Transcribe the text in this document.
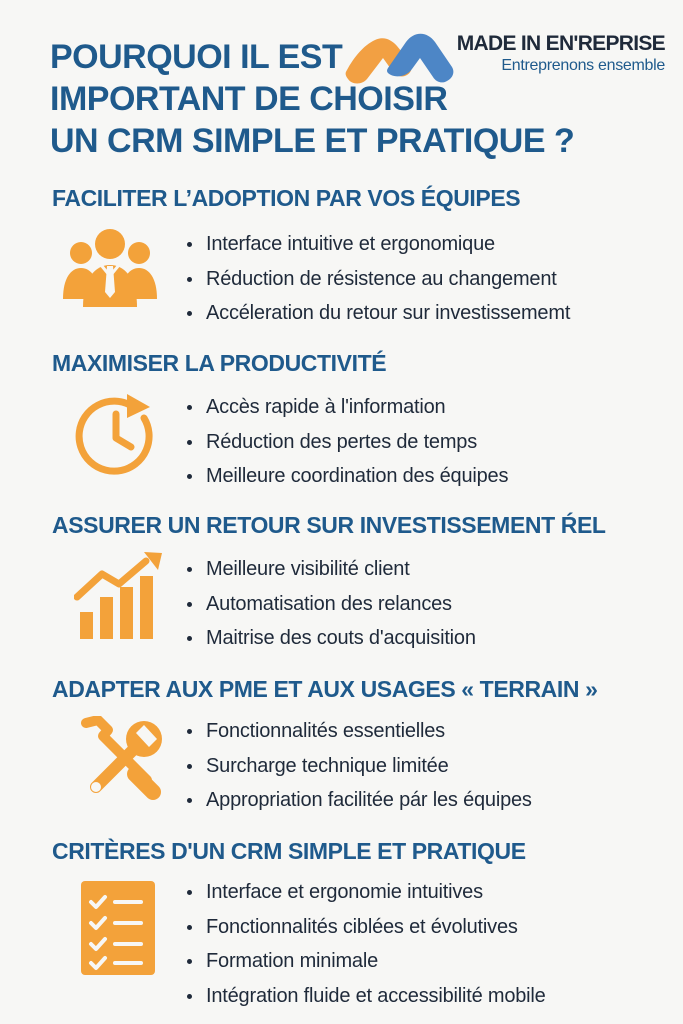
POURQUOI IL EST
IMPORTANT DE CHOISIR
UN CRM SIMPLE ET PRATIQUE ?
MADE IN EN'REPRISE
Entreprenons ensemble
FACILITER L’ADOPTION PAR VOS ÉQUIPES
Interface intuitive et ergonomique
Réduction de résistence au changement
Accéleration du retour sur investissememt
MAXIMISER LA PRODUCTIVITÉ
Accès rapide à l'information
Réduction des pertes de temps
Meilleure coordination des équipes
ASSURER UN RETOUR SUR INVESTISSEMENT ŔEL
Meilleure visibilité client
Automatisation des relances
Maitrise des couts d'acquisition
ADAPTER AUX PME ET AUX USAGES « TERRAIN »
Fonctionnalités essentielles
Surcharge technique limitée
Appropriation facilitée pár les équipes
CRITÈRES D'UN CRM SIMPLE ET PRATIQUE
Interface et ergonomie intuitives
Fonctionnalités ciblées et évolutives
Formation minimale
Intégration fluide et accessibilité mobile
